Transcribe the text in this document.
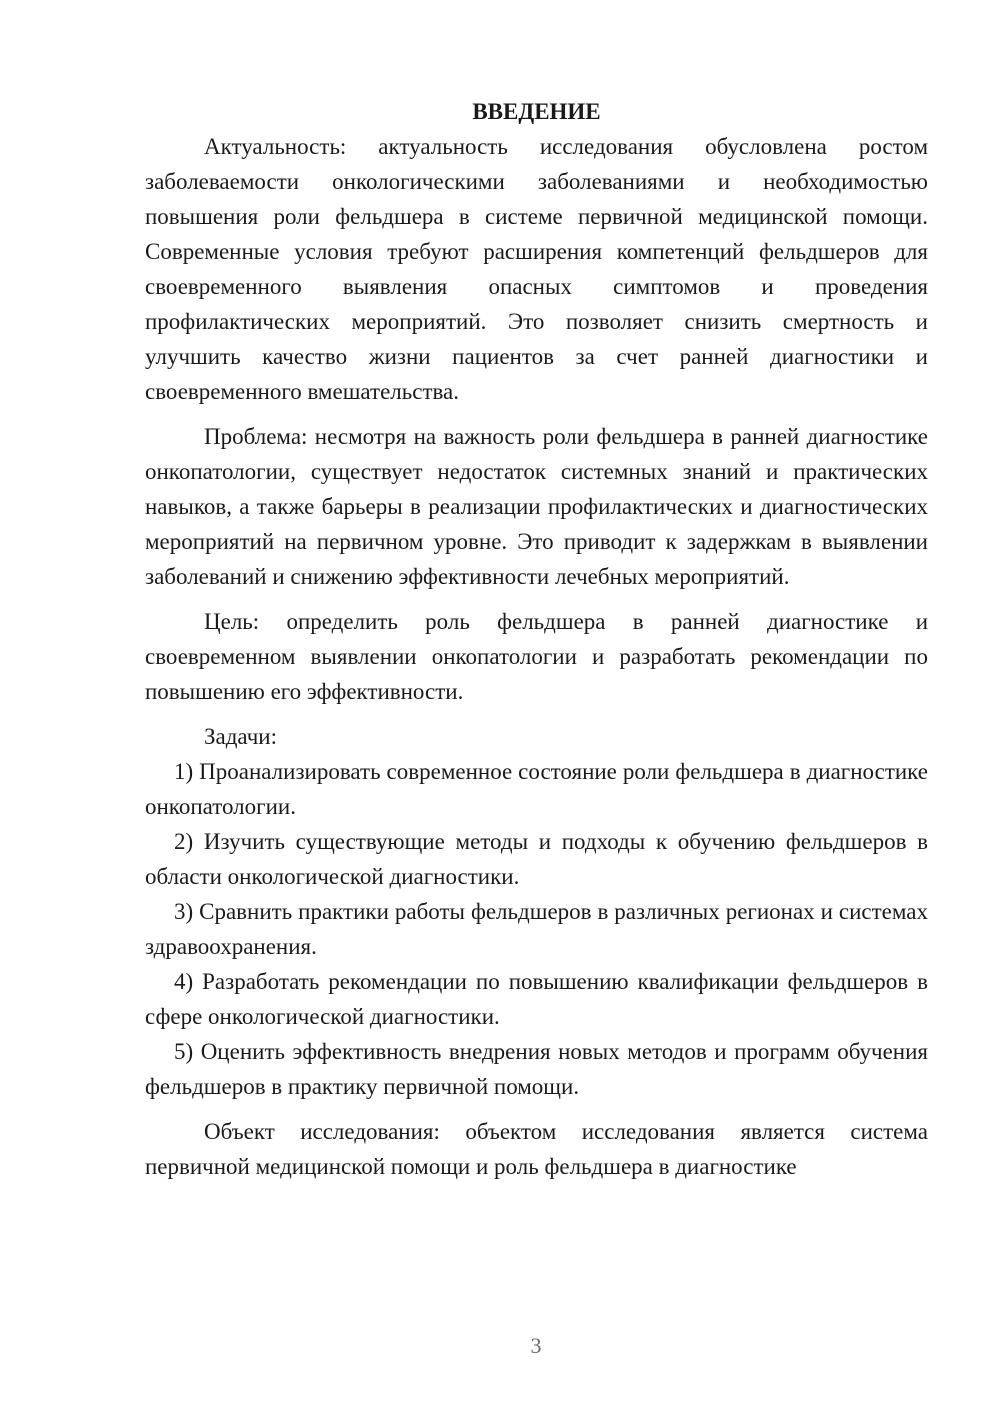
ВВЕДЕНИЕ

Актуальность: актуальность исследования обусловлена ростом заболеваемости онкологическими заболеваниями и необходимостью повышения роли фельдшера в системе первичной медицинской помощи. Современные условия требуют расширения компетенций фельдшеров для своевременного выявления опасных симптомов и проведения профилактических мероприятий. Это позволяет снизить смертность и улучшить качество жизни пациентов за счет ранней диагностики и своевременного вмешательства.

Проблема: несмотря на важность роли фельдшера в ранней диагностике онкопатологии, существует недостаток системных знаний и практических навыков, а также барьеры в реализации профилактических и диагностических мероприятий на первичном уровне. Это приводит к задержкам в выявлении заболеваний и снижению эффективности лечебных мероприятий.

Цель: определить роль фельдшера в ранней диагностике и своевременном выявлении онкопатологии и разработать рекомендации по повышению его эффективности.

Задачи:

1) Проанализировать современное состояние роли фельдшера в диагностике онкопатологии.

2) Изучить существующие методы и подходы к обучению фельдшеров в области онкологической диагностики.

3) Сравнить практики работы фельдшеров в различных регионах и системах здравоохранения.

4) Разработать рекомендации по повышению квалификации фельдшеров в сфере онкологической диагностики.

5) Оценить эффективность внедрения новых методов и программ обучения фельдшеров в практику первичной помощи.

Объект исследования: объектом исследования является система первичной медицинской помощи и роль фельдшера в диагностике

3
